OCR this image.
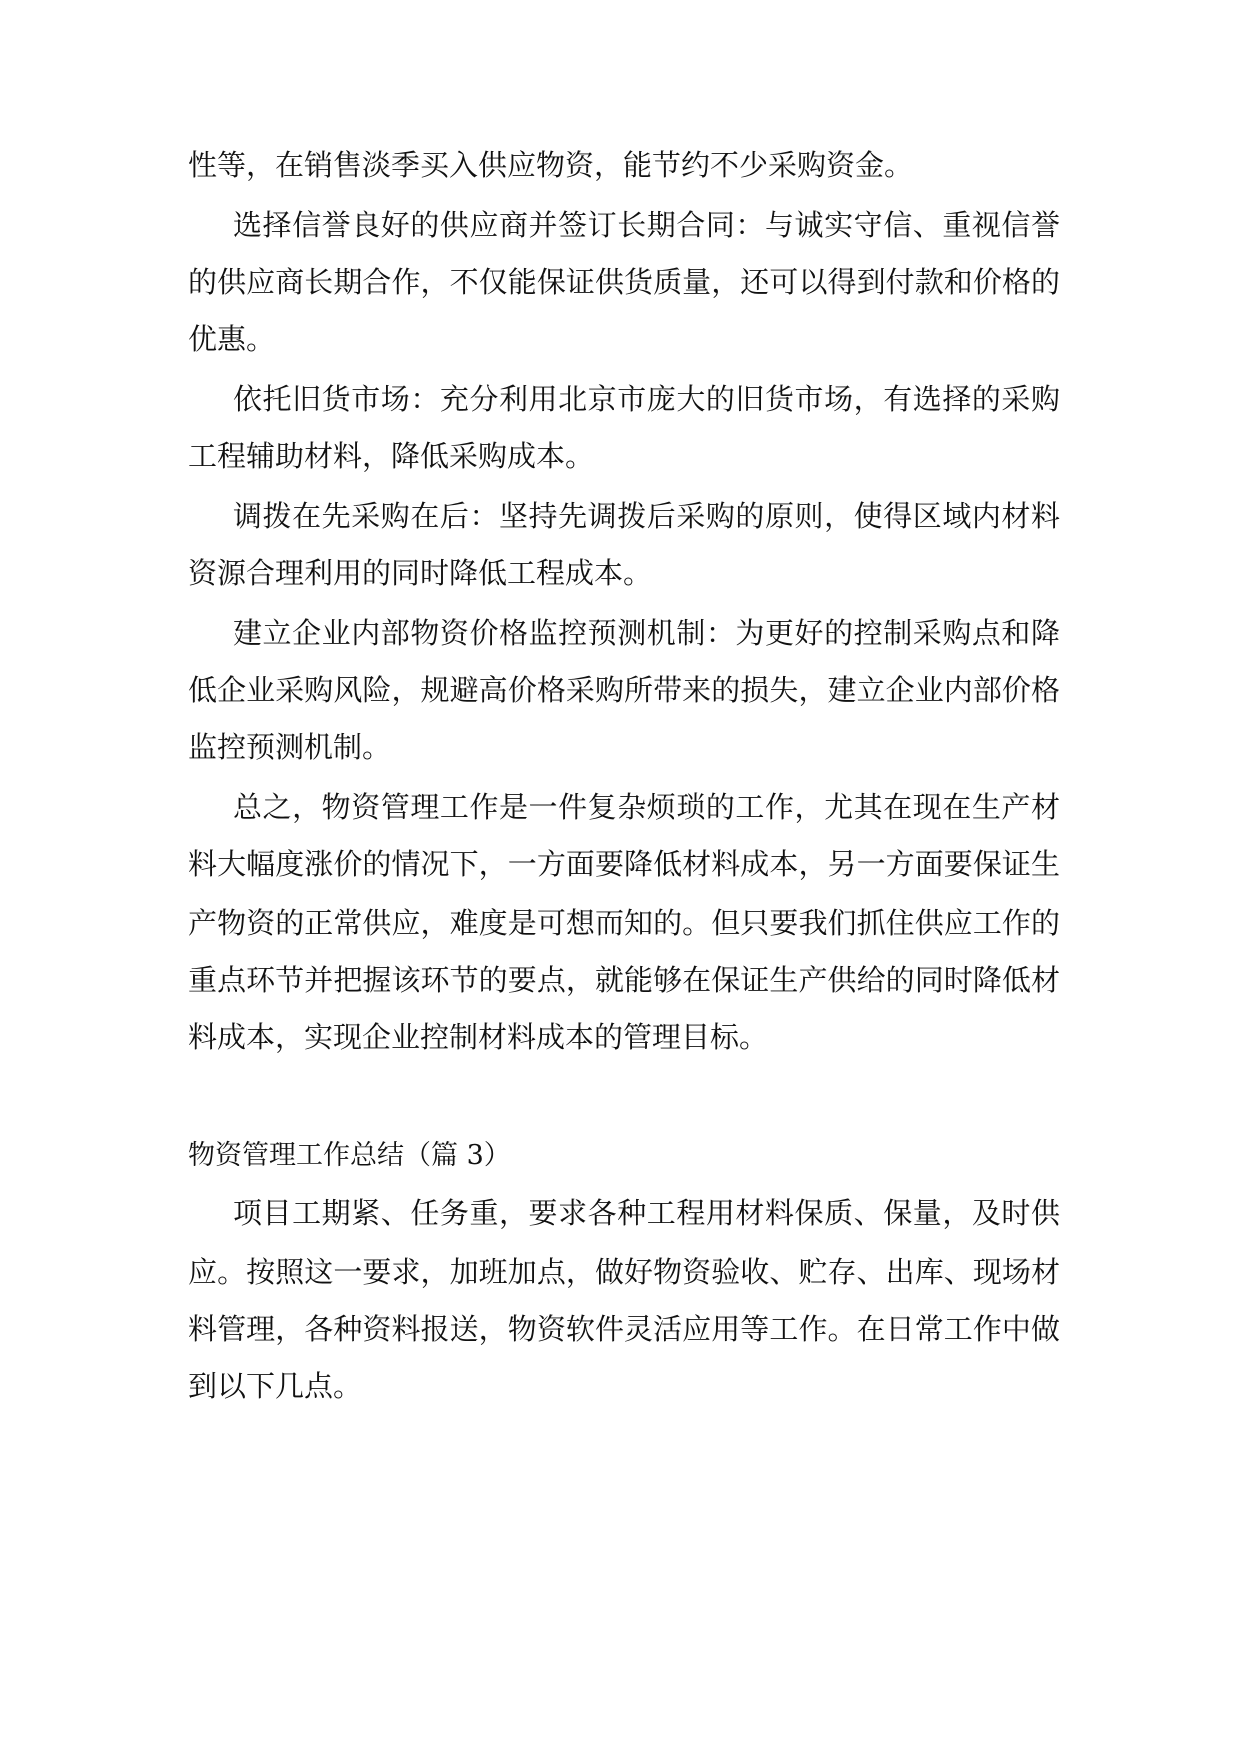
性等，在销售淡季买入供应物资，能节约不少采购资金。
选择信誉良好的供应商并签订长期合同：与诚实守信、重视信誉
的供应商长期合作，不仅能保证供货质量，还可以得到付款和价格的
优惠。
依托旧货市场：充分利用北京市庞大的旧货市场，有选择的采购
工程辅助材料，降低采购成本。
调拨在先采购在后：坚持先调拨后采购的原则，使得区域内材料
资源合理利用的同时降低工程成本。
建立企业内部物资价格监控预测机制：为更好的控制采购点和降
低企业采购风险，规避高价格采购所带来的损失，建立企业内部价格
监控预测机制。
总之，物资管理工作是一件复杂烦琐的工作，尤其在现在生产材
料大幅度涨价的情况下，一方面要降低材料成本，另一方面要保证生
产物资的正常供应，难度是可想而知的。但只要我们抓住供应工作的
重点环节并把握该环节的要点，就能够在保证生产供给的同时降低材
料成本，实现企业控制材料成本的管理目标。
物资管理工作总结（篇 3）
项目工期紧、任务重，要求各种工程用材料保质、保量，及时供
应。按照这一要求，加班加点，做好物资验收、贮存、出库、现场材
料管理，各种资料报送，物资软件灵活应用等工作。在日常工作中做
到以下几点。
